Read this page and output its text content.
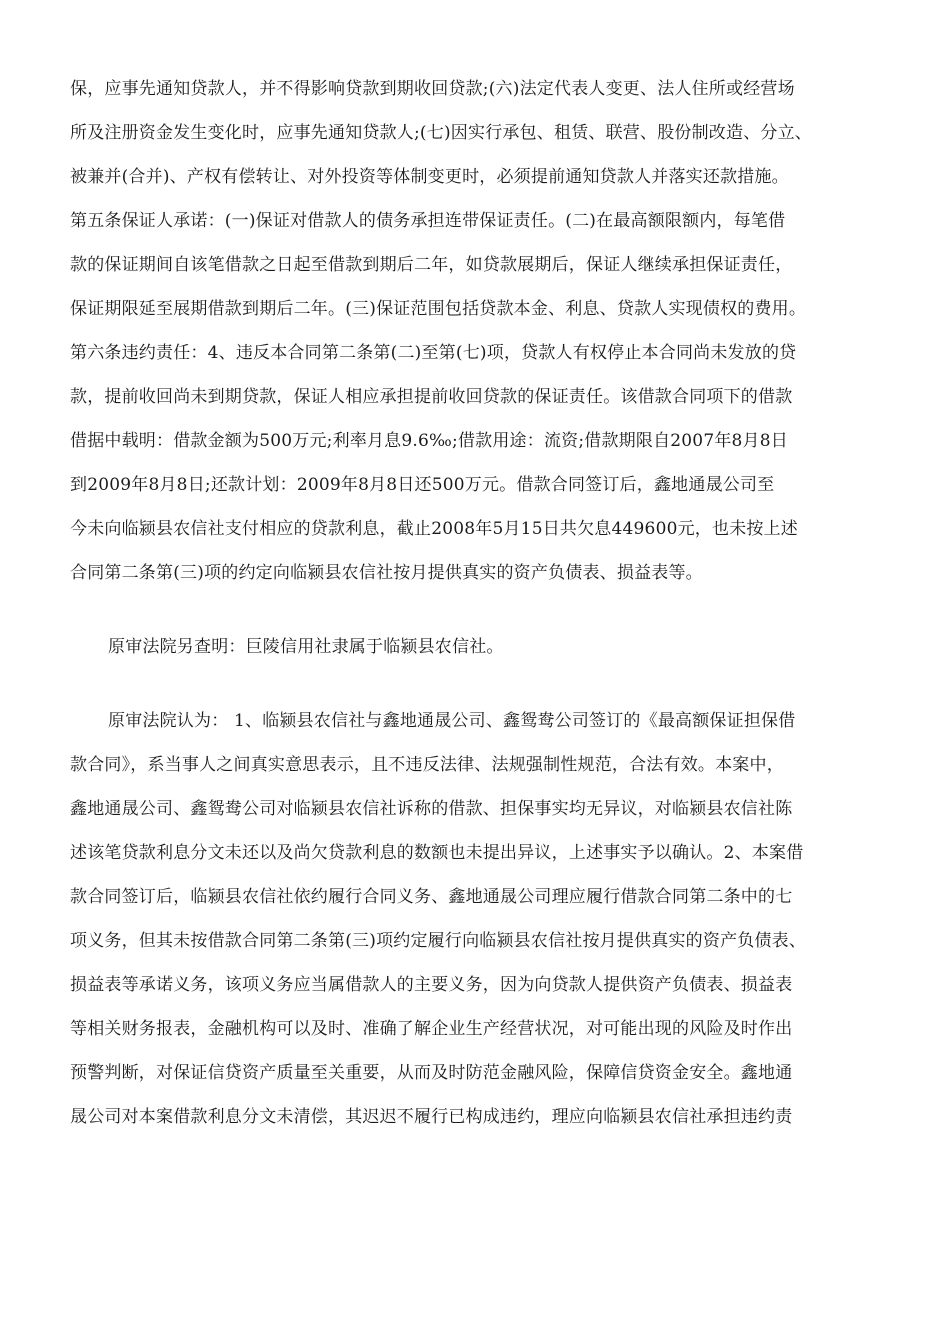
保，应事先通知贷款人，并不得影响贷款到期收回贷款;(六)法定代表人变更、法人住所或经营场
所及注册资金发生变化时，应事先通知贷款人;(七)因实行承包、租赁、联营、股份制改造、分立、
被兼并(合并)、产权有偿转让、对外投资等体制变更时，必须提前通知贷款人并落实还款措施。
第五条保证人承诺：(一)保证对借款人的债务承担连带保证责任。(二)在最高额限额内，每笔借
款的保证期间自该笔借款之日起至借款到期后二年，如贷款展期后，保证人继续承担保证责任，
保证期限延至展期借款到期后二年。(三)保证范围包括贷款本金、利息、贷款人实现债权的费用。
第六条违约责任：4、违反本合同第二条第(二)至第(七)项，贷款人有权停止本合同尚未发放的贷
款，提前收回尚未到期贷款，保证人相应承担提前收回贷款的保证责任。该借款合同项下的借款
借据中载明：借款金额为500万元;利率月息9.6‰;借款用途：流资;借款期限自2007年8月8日
到2009年8月8日;还款计划：2009年8月8日还500万元。借款合同签订后，鑫地通晟公司至
今未向临颍县农信社支付相应的贷款利息，截止2008年5月15日共欠息449600元，也未按上述
合同第二条第(三)项的约定向临颍县农信社按月提供真实的资产负债表、损益表等。
原审法院另查明：巨陵信用社隶属于临颍县农信社。
原审法院认为： 1、临颍县农信社与鑫地通晟公司、鑫鸳鸯公司签订的《最高额保证担保借
款合同》，系当事人之间真实意思表示，且不违反法律、法规强制性规范，合法有效。本案中，
鑫地通晟公司、鑫鸳鸯公司对临颍县农信社诉称的借款、担保事实均无异议，对临颍县农信社陈
述该笔贷款利息分文未还以及尚欠贷款利息的数额也未提出异议，上述事实予以确认。2、本案借
款合同签订后，临颍县农信社依约履行合同义务、鑫地通晟公司理应履行借款合同第二条中的七
项义务，但其未按借款合同第二条第(三)项约定履行向临颍县农信社按月提供真实的资产负债表、
损益表等承诺义务，该项义务应当属借款人的主要义务，因为向贷款人提供资产负债表、损益表
等相关财务报表，金融机构可以及时、准确了解企业生产经营状况，对可能出现的风险及时作出
预警判断，对保证信贷资产质量至关重要，从而及时防范金融风险，保障信贷资金安全。鑫地通
晟公司对本案借款利息分文未清偿，其迟迟不履行已构成违约，理应向临颍县农信社承担违约责
